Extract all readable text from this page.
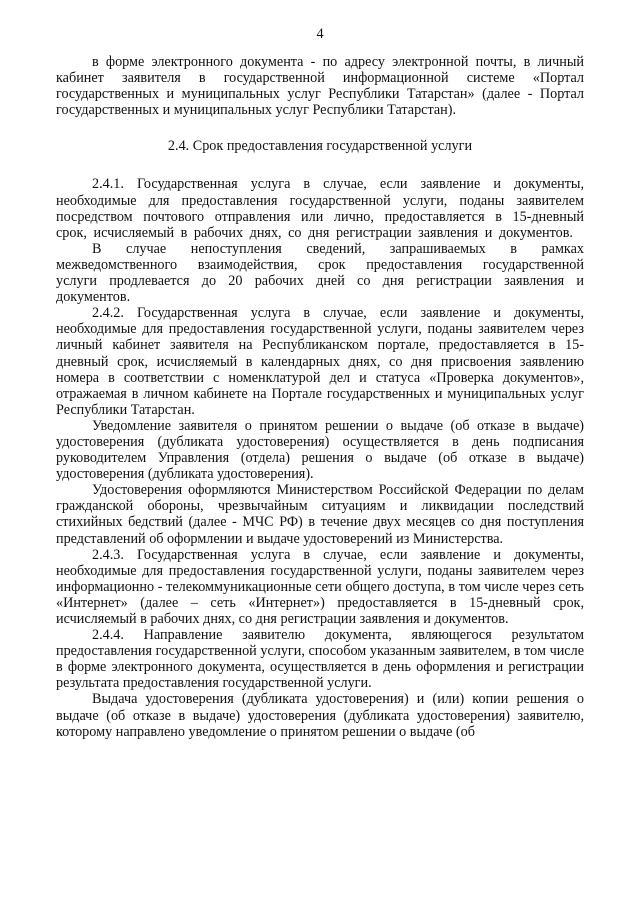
4

в форме электронного документа - по адресу электронной почты, в личный кабинет заявителя в государственной информационной системе «Портал государственных и муниципальных услуг Республики Татарстан» (далее - Портал государственных и муниципальных услуг Республики Татарстан).

2.4. Срок предоставления государственной услуги

2.4.1. Государственная услуга в случае, если заявление и документы, необходимые для предоставления государственной услуги, поданы заявителем посредством почтового отправления или лично, предоставляется в 15-дневный срок, исчисляемый в рабочих днях, со дня регистрации заявления и документов.

В случае непоступления сведений, запрашиваемых в рамках межведомственного взаимодействия, срок предоставления государственной услуги продлевается до 20 рабочих дней со дня регистрации заявления и документов.

2.4.2. Государственная услуга в случае, если заявление и документы, необходимые для предоставления государственной услуги, поданы заявителем через личный кабинет заявителя на Республиканском портале, предоставляется в 15-дневный срок, исчисляемый в календарных днях, со дня присвоения заявлению номера в соответствии с номенклатурой дел и статуса «Проверка документов», отражаемая в личном кабинете на Портале государственных и муниципальных услуг Республики Татарстан.

Уведомление заявителя о принятом решении о выдаче (об отказе в выдаче) удостоверения (дубликата удостоверения) осуществляется в день подписания руководителем Управления (отдела) решения о выдаче (об отказе в выдаче) удостоверения (дубликата удостоверения).

Удостоверения оформляются Министерством Российской Федерации по делам гражданской обороны, чрезвычайным ситуациям и ликвидации последствий стихийных бедствий (далее - МЧС РФ) в течение двух месяцев со дня поступления представлений об оформлении и выдаче удостоверений из Министерства.

2.4.3. Государственная услуга в случае, если заявление и документы, необходимые для предоставления государственной услуги, поданы заявителем через информационно - телекоммуникационные сети общего доступа, в том числе через сеть «Интернет» (далее – сеть «Интернет») предоставляется в 15-дневный срок, исчисляемый в рабочих днях, со дня регистрации заявления и документов.

2.4.4. Направление заявителю документа, являющегося результатом предоставления государственной услуги, способом указанным заявителем, в том числе в форме электронного документа, осуществляется в день оформления и регистрации результата предоставления государственной услуги.

Выдача удостоверения (дубликата удостоверения) и (или) копии решения о выдаче (об отказе в выдаче) удостоверения (дубликата удостоверения) заявителю, которому направлено уведомление о принятом решении о выдаче (об
